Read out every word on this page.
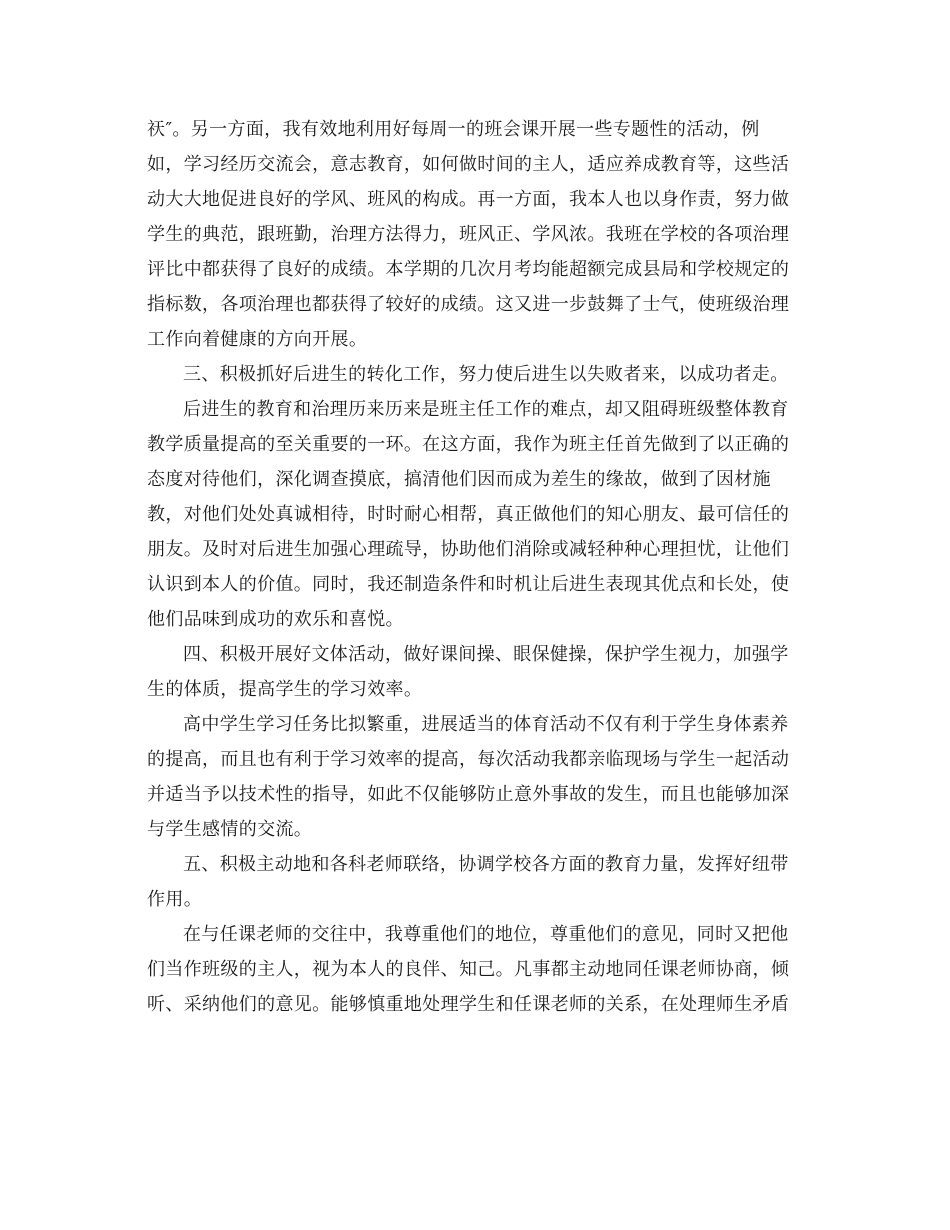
祆″。另一方面，我有效地利用好每周一的班会课开展一些专题性的活动，例
如，学习经历交流会，意志教育，如何做时间的主人，适应养成教育等，这些活
动大大地促进良好的学风、班风的构成。再一方面，我本人也以身作责，努力做
学生的典范，跟班勤，治理方法得力，班风正、学风浓。我班在学校的各项治理
评比中都获得了良好的成绩。本学期的几次月考均能超额完成县局和学校规定的
指标数，各项治理也都获得了较好的成绩。这又进一步鼓舞了士气，使班级治理
工作向着健康的方向开展。
三、积极抓好后进生的转化工作，努力使后进生以失败者来，以成功者走。
后进生的教育和治理历来历来是班主任工作的难点，却又阻碍班级整体教育
教学质量提高的至关重要的一环。在这方面，我作为班主任首先做到了以正确的
态度对待他们，深化调查摸底，搞清他们因而成为差生的缘故，做到了因材施
教，对他们处处真诚相待，时时耐心相帮，真正做他们的知心朋友、最可信任的
朋友。及时对后进生加强心理疏导，协助他们消除或减轻种种心理担忧，让他们
认识到本人的价值。同时，我还制造条件和时机让后进生表现其优点和长处，使
他们品味到成功的欢乐和喜悦。
四、积极开展好文体活动，做好课间操、眼保健操，保护学生视力，加强学
生的体质，提高学生的学习效率。
高中学生学习任务比拟繁重，进展适当的体育活动不仅有利于学生身体素养
的提高，而且也有利于学习效率的提高，每次活动我都亲临现场与学生一起活动
并适当予以技术性的指导，如此不仅能够防止意外事故的发生，而且也能够加深
与学生感情的交流。
五、积极主动地和各科老师联络，协调学校各方面的教育力量，发挥好纽带
作用。
在与任课老师的交往中，我尊重他们的地位，尊重他们的意见，同时又把他
们当作班级的主人，视为本人的良伴、知己。凡事都主动地同任课老师协商，倾
听、采纳他们的意见。能够慎重地处理学生和任课老师的关系，在处理师生矛盾
